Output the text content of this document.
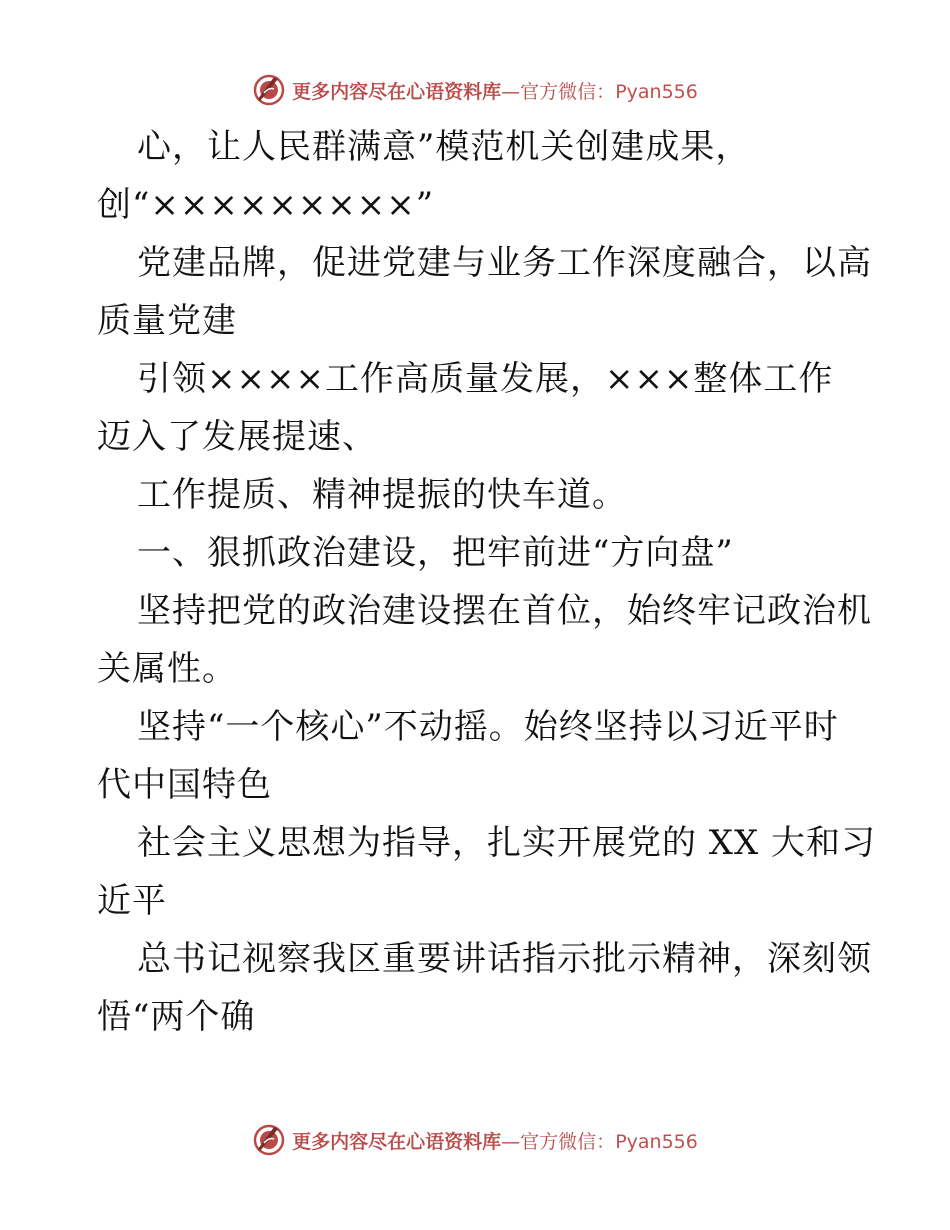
更多内容尽在心语资料库—官方微信：Pyan556
心，让人民群满意”模范机关创建成果，
创“×××××××××”
党建品牌，促进党建与业务工作深度融合，以高
质量党建
引领××××工作高质量发展，×××整体工作
迈入了发展提速、
工作提质、精神提振的快车道。
一、狠抓政治建设，把牢前进“方向盘”
坚持把党的政治建设摆在首位，始终牢记政治机
关属性。
坚持“一个核心”不动摇。始终坚持以习近平时
代中国特色
社会主义思想为指导，扎实开展党的 XX 大和习
近平
总书记视察我区重要讲话指示批示精神，深刻领
悟“两个确
更多内容尽在心语资料库—官方微信：Pyan556
